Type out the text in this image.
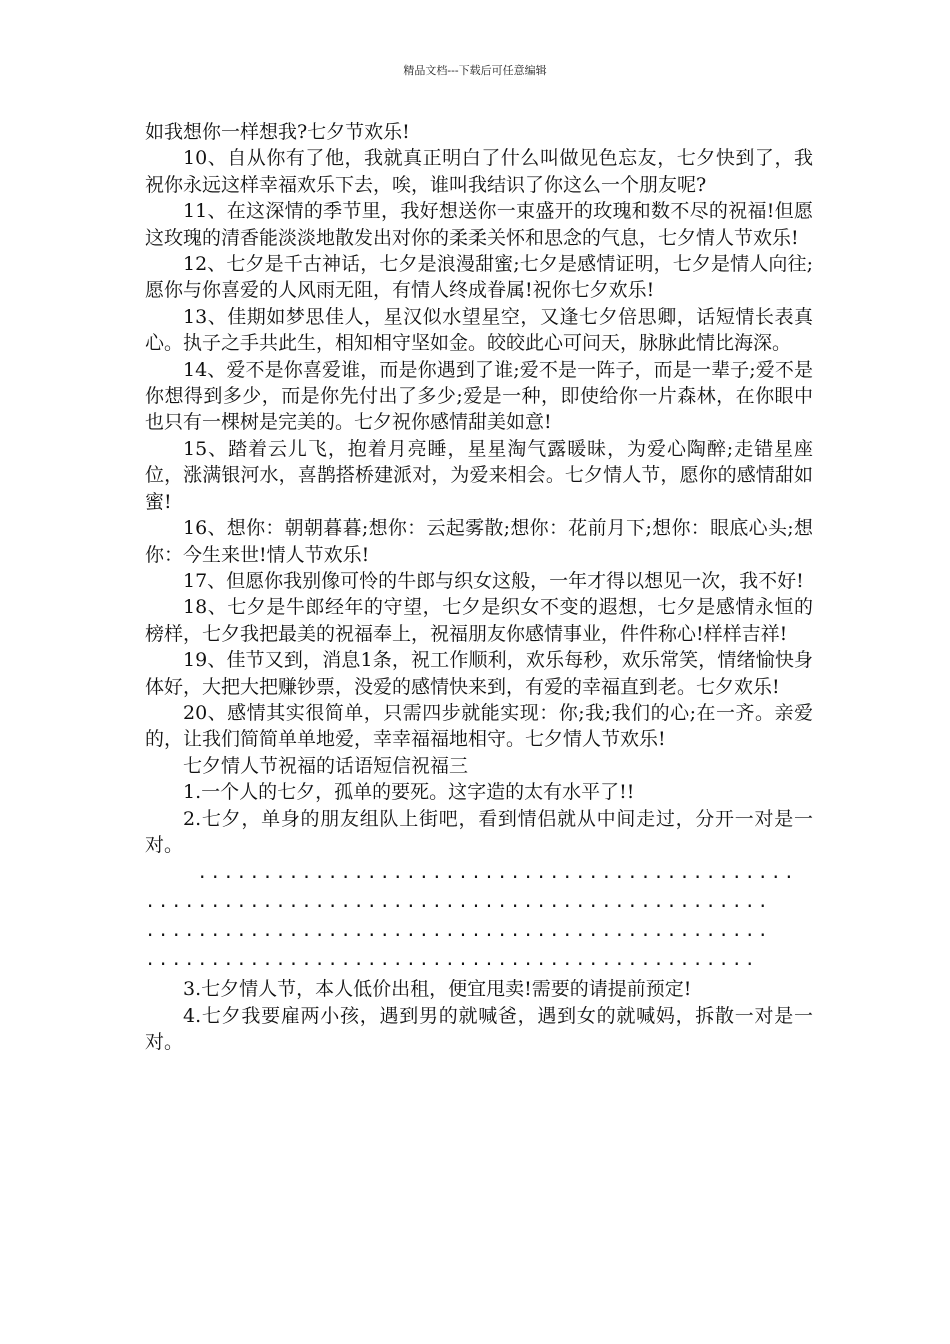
精品文档---下载后可任意编辑

如我想你一样想我?七夕节欢乐!

10、自从你有了他，我就真正明白了什么叫做见色忘友，七夕快到了，我祝你永远这样幸福欢乐下去，唉，谁叫我结识了你这么一个朋友呢?

11、在这深情的季节里，我好想送你一束盛开的玫瑰和数不尽的祝福!但愿这玫瑰的清香能淡淡地散发出对你的柔柔关怀和思念的气息，七夕情人节欢乐!

12、七夕是千古神话，七夕是浪漫甜蜜;七夕是感情证明，七夕是情人向往;愿你与你喜爱的人风雨无阻，有情人终成眷属!祝你七夕欢乐!

13、佳期如梦思佳人，星汉似水望星空，又逢七夕倍思卿，话短情长表真心。执子之手共此生，相知相守坚如金。皎皎此心可问天，脉脉此情比海深。

14、爱不是你喜爱谁，而是你遇到了谁;爱不是一阵子，而是一辈子;爱不是你想得到多少，而是你先付出了多少;爱是一种，即使给你一片森林，在你眼中也只有一棵树是完美的。七夕祝你感情甜美如意!

15、踏着云儿飞，抱着月亮睡，星星淘气露暖昧，为爱心陶醉;走错星座位，涨满银河水，喜鹊搭桥建派对，为爱来相会。七夕情人节，愿你的感情甜如蜜!

16、想你：朝朝暮暮;想你：云起雾散;想你：花前月下;想你：眼底心头;想你：今生来世!情人节欢乐!

17、但愿你我别像可怜的牛郎与织女这般，一年才得以想见一次，我不好!

18、七夕是牛郎经年的守望，七夕是织女不变的遐想，七夕是感情永恒的榜样，七夕我把最美的祝福奉上，祝福朋友你感情事业，件件称心!样样吉祥!

19、佳节又到，消息1条，祝工作顺利，欢乐每秒，欢乐常笑，情绪愉快身体好，大把大把赚钞票，没爱的感情快来到，有爱的幸福直到老。七夕欢乐!

20、感情其实很简单，只需四步就能实现：你;我;我们的心;在一齐。亲爱的，让我们简简单单地爱，幸幸福福地相守。七夕情人节欢乐!

七夕情人节祝福的话语短信祝福三

1.一个人的七夕，孤单的要死。这字造的太有水平了!!

2.七夕，单身的朋友组队上街吧，看到情侣就从中间走过，分开一对是一对。

..............................................
................................................
................................................
...............................................

3.七夕情人节，本人低价出租，便宜甩卖!需要的请提前预定!

4.七夕我要雇两小孩，遇到男的就喊爸，遇到女的就喊妈，拆散一对是一对。
